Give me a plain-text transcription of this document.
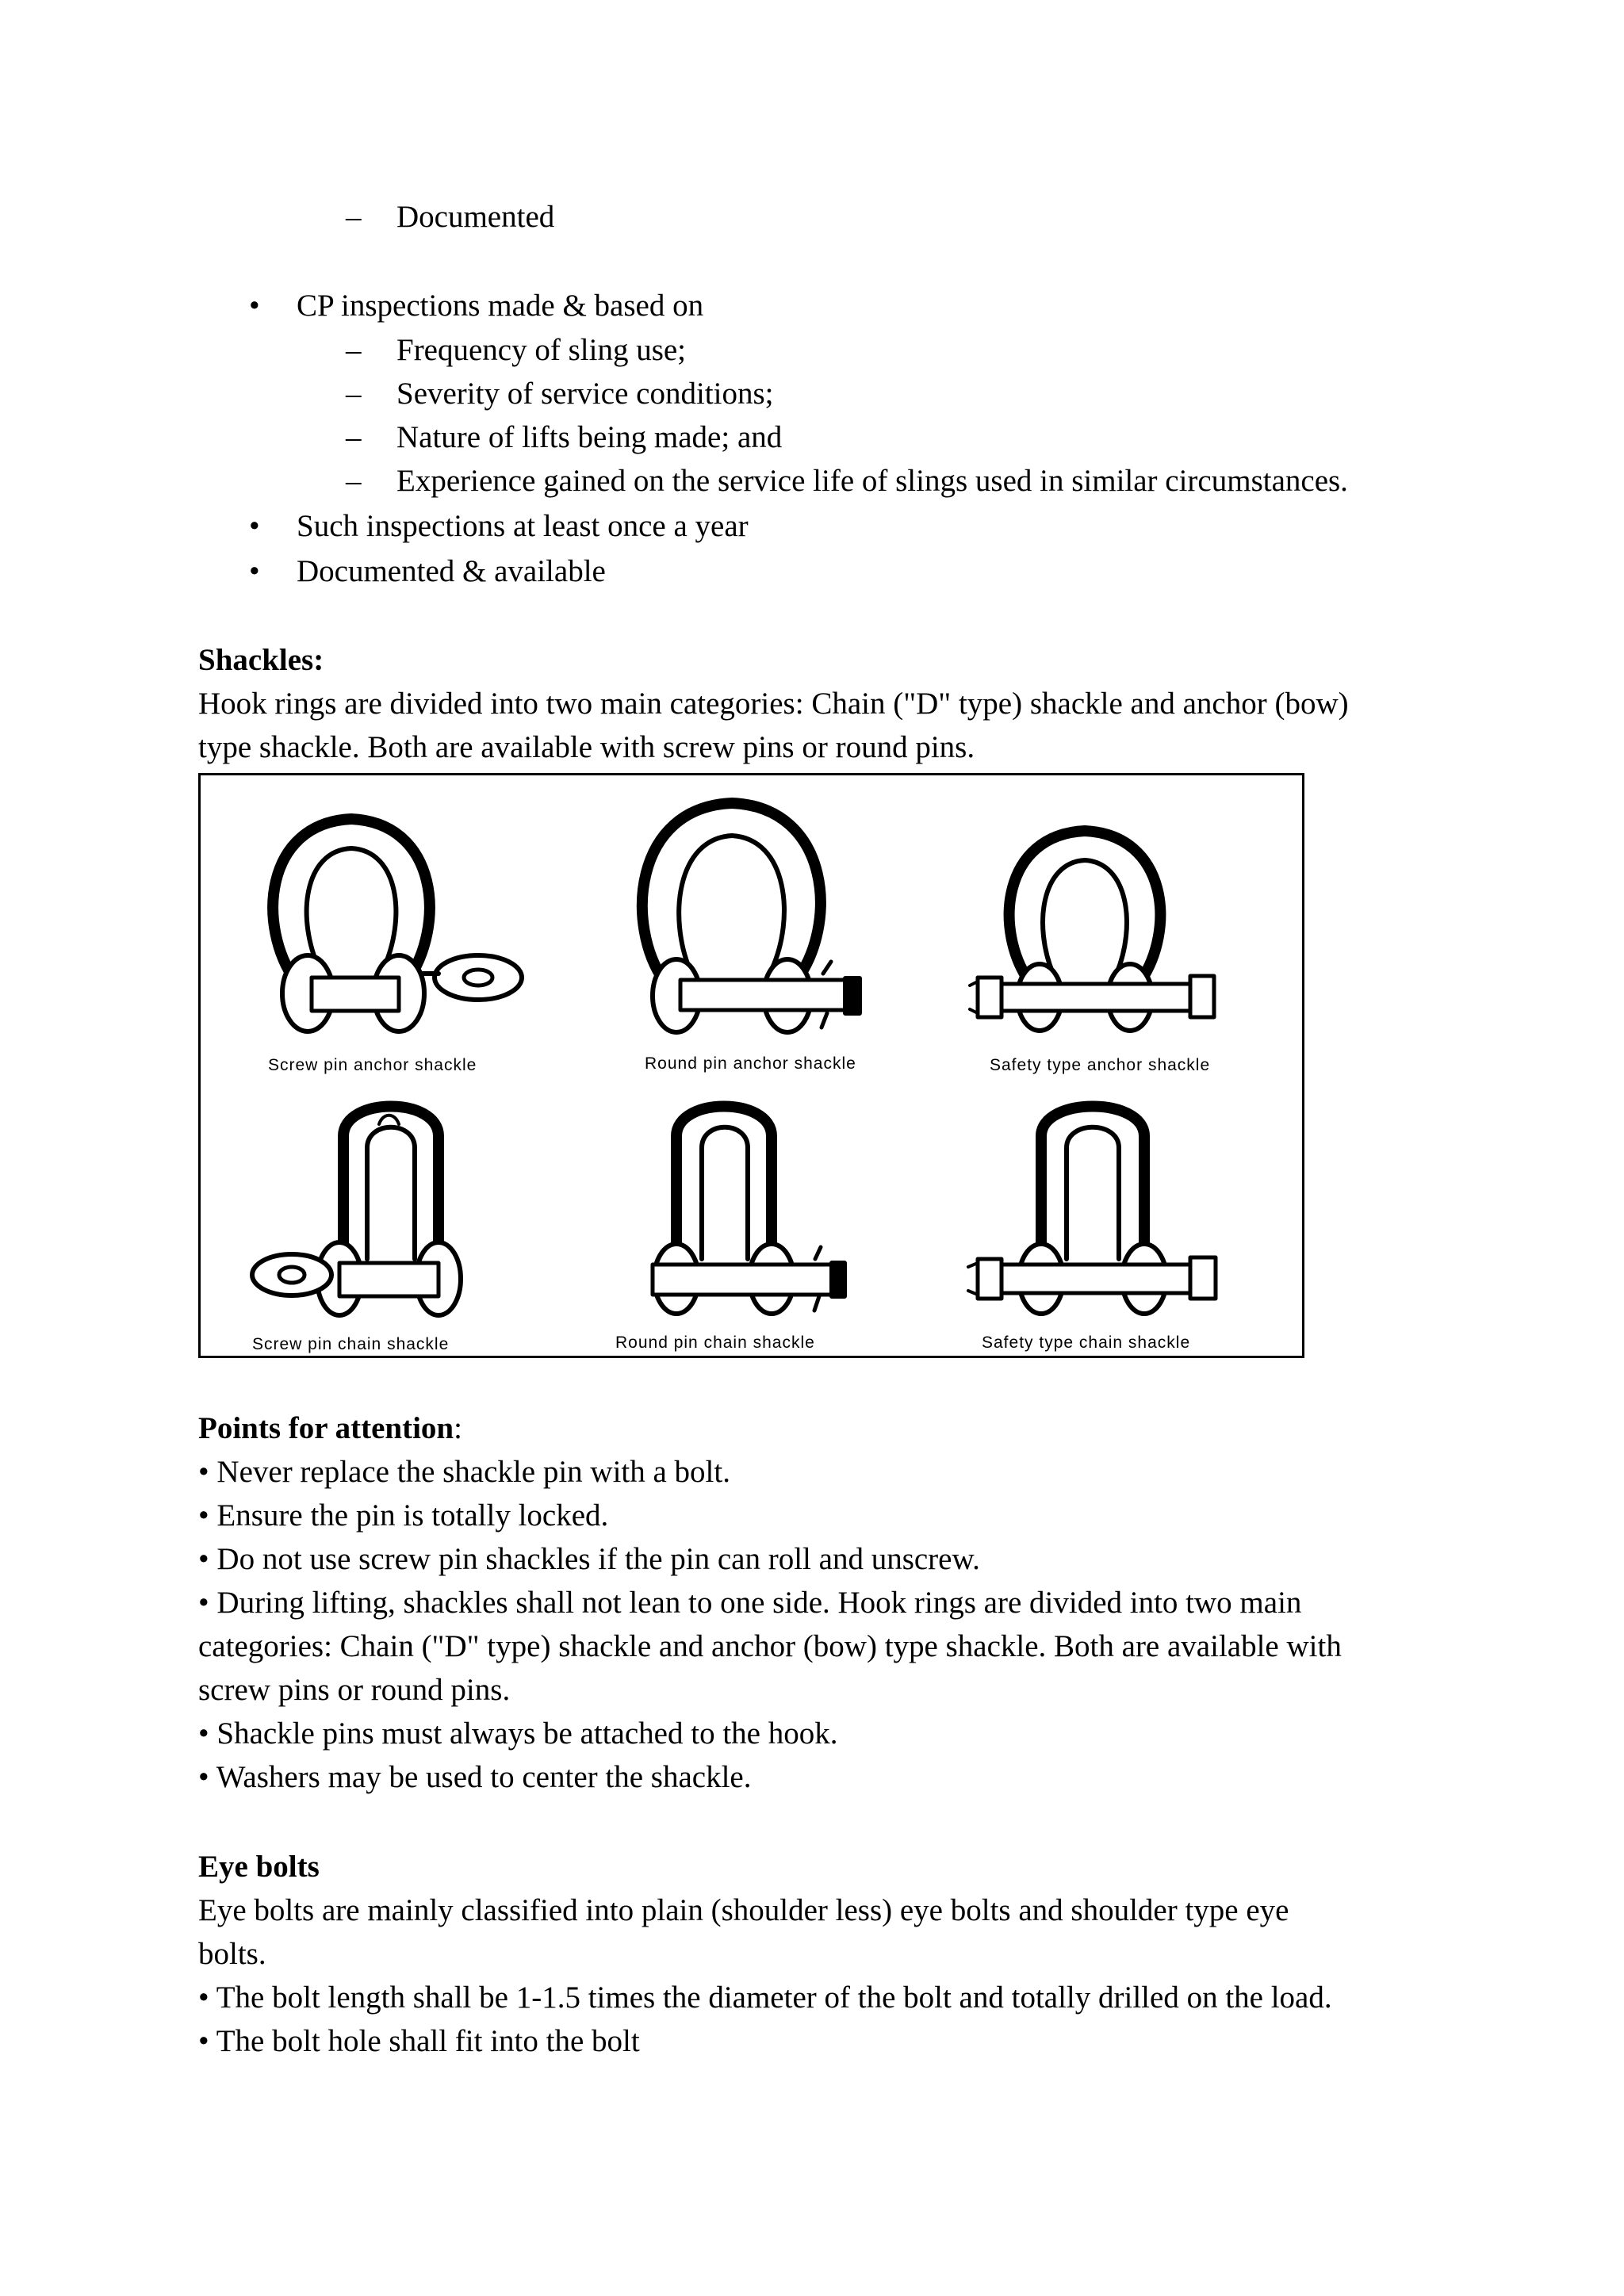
– Documented
• CP inspections made & based on
– Frequency of sling use;
– Severity of service conditions;
– Nature of lifts being made; and
– Experience gained on the service life of slings used in similar circumstances.
• Such inspections at least once a year
• Documented & available
Shackles:
Hook rings are divided into two main categories: Chain ("D" type) shackle and anchor (bow)
type shackle. Both are available with screw pins or round pins.
Screw pin anchor shackle	Round pin anchor shackle	Safety type anchor shackle
Screw pin chain shackle	Round pin chain shackle	Safety type chain shackle
Points for attention:
• Never replace the shackle pin with a bolt.
• Ensure the pin is totally locked.
• Do not use screw pin shackles if the pin can roll and unscrew.
• During lifting, shackles shall not lean to one side. Hook rings are divided into two main
categories: Chain ("D" type) shackle and anchor (bow) type shackle. Both are available with
screw pins or round pins.
• Shackle pins must always be attached to the hook.
• Washers may be used to center the shackle.
Eye bolts
Eye bolts are mainly classified into plain (shoulder less) eye bolts and shoulder type eye
bolts.
• The bolt length shall be 1-1.5 times the diameter of the bolt and totally drilled on the load.
• The bolt hole shall fit into the bolt
